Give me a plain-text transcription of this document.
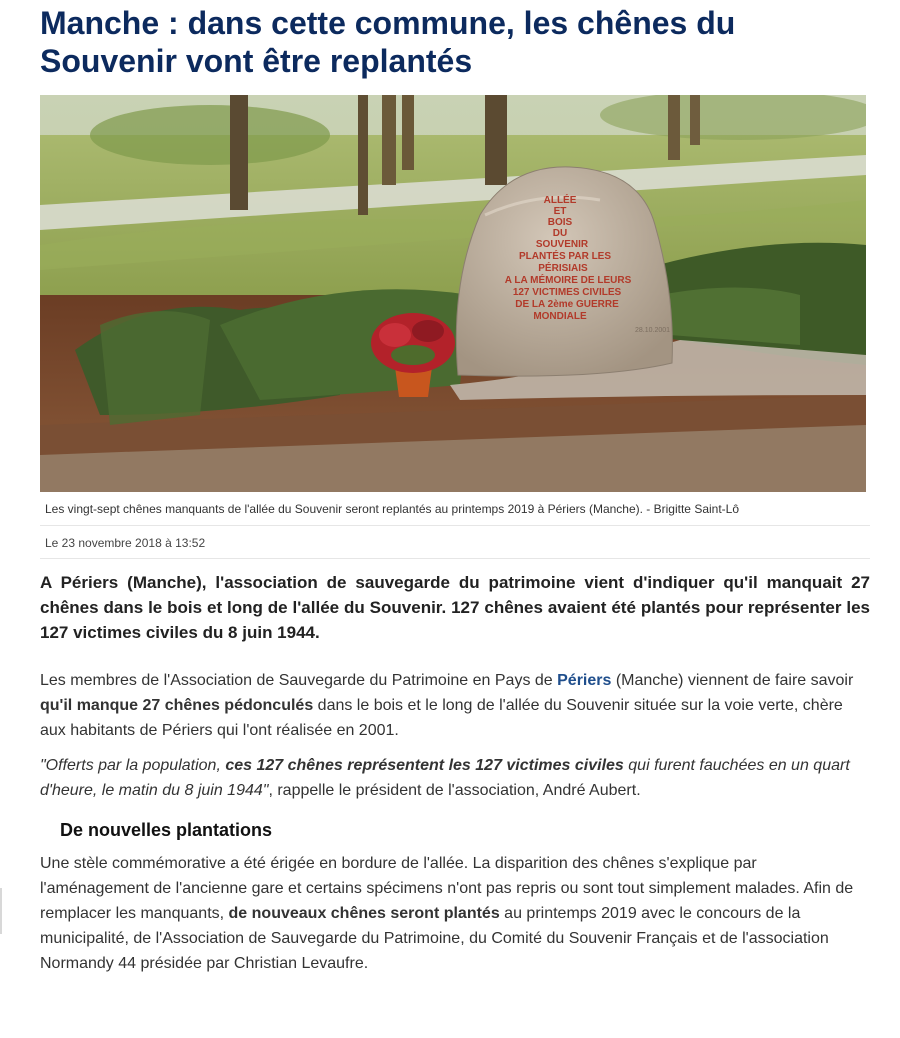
Manche : dans cette commune, les chênes du Souvenir vont être replantés
ALLÉE
ET
BOIS
DU
SOUVENIR
PLANTÉS PAR LES
PÉRISIAIS
A LA MÉMOIRE DE LEURS
127 VICTIMES CIVILES
DE LA 2ème GUERRE
MONDIALE
28.10.2001
Les vingt-sept chênes manquants de l'allée du Souvenir seront replantés au printemps 2019 à Périers (Manche). - Brigitte Saint-Lô
Le 23 novembre 2018 à 13:52

A Périers (Manche), l'association de sauvegarde du patrimoine vient d'indiquer qu'il manquait 27 chênes dans le bois et long de l'allée du Souvenir. 127 chênes avaient été plantés pour représenter les 127 victimes civiles du 8 juin 1944.

Les membres de l'Association de Sauvegarde du Patrimoine en Pays de Périers (Manche) viennent de faire savoir qu'il manque 27 chênes pédonculés dans le bois et le long de l'allée du Souvenir située sur la voie verte, chère aux habitants de Périers qui l'ont réalisée en 2001.

"Offerts par la population, ces 127 chênes représentent les 127 victimes civiles qui furent fauchées en un quart d'heure, le matin du 8 juin 1944", rappelle le président de l'association, André Aubert.

De nouvelles plantations

Une stèle commémorative a été érigée en bordure de l'allée. La disparition des chênes s'explique par l'aménagement de l'ancienne gare et certains spécimens n'ont pas repris ou sont tout simplement malades. Afin de remplacer les manquants, de nouveaux chênes seront plantés au printemps 2019 avec le concours de la municipalité, de l'Association de Sauvegarde du Patrimoine, du Comité du Souvenir Français et de l'association Normandy 44 présidée par Christian Levaufre.
